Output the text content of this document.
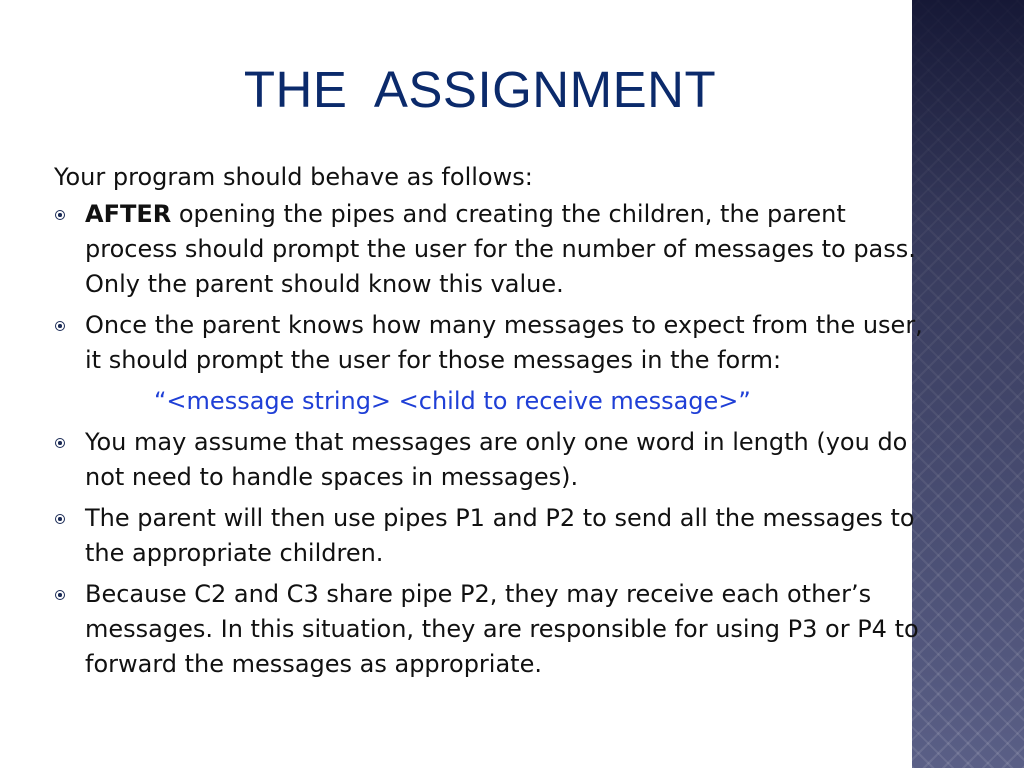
THE  ASSIGNMENT

Your program should behave as follows:

AFTER opening the pipes and creating the children, the parent process should prompt the user for the number of messages to pass. Only the parent should know this value.
Once the parent knows how many messages to expect from the user, it should prompt the user for those messages in the form:

“<message string> <child to receive message>”

You may assume that messages are only one word in length (you do not need to handle spaces in messages).
The parent will then use pipes P1 and P2 to send all the messages to the appropriate children.
Because C2 and C3 share pipe P2, they may receive each other’s messages. In this situation, they are responsible for using P3 or P4 to forward the messages as appropriate.
